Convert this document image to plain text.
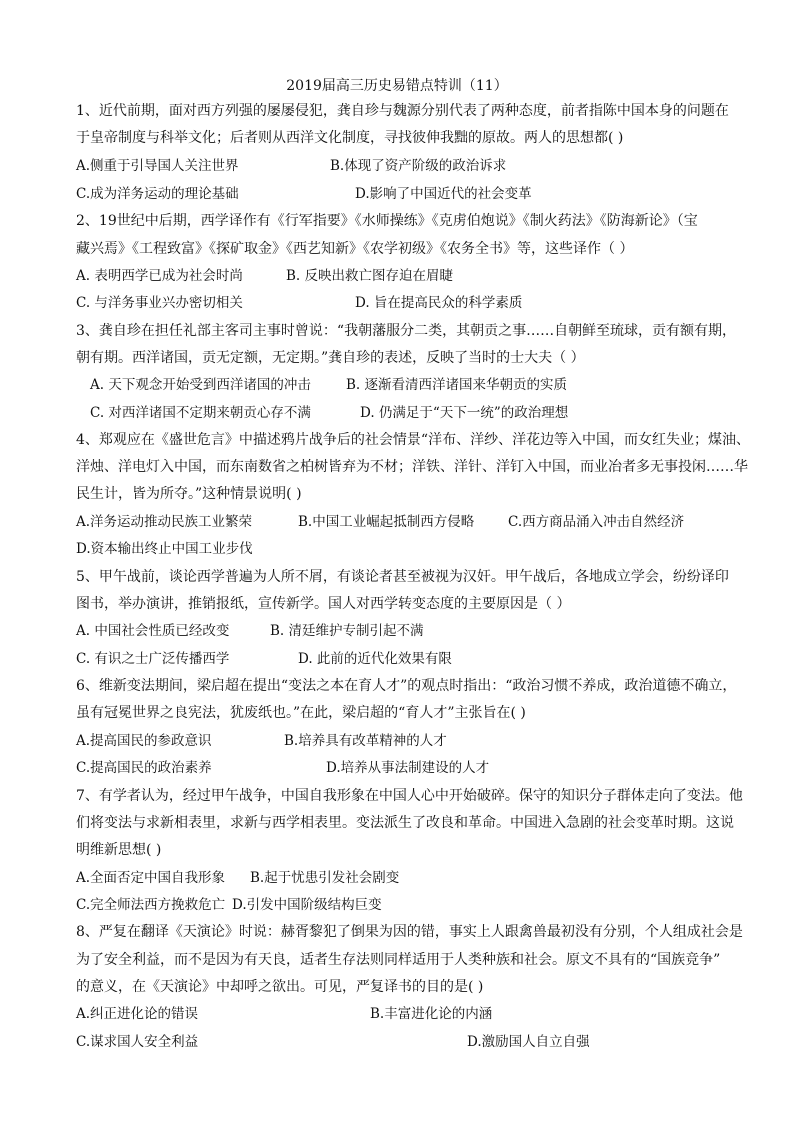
2019届高三历史易错点特训（11）
1、近代前期，面对西方列强的屡屡侵犯，龚自珍与魏源分别代表了两种态度，前者指陈中国本身的问题在
于皇帝制度与科举文化；后者则从西洋文化制度，寻找彼伸我黜的原故。两人的思想都( )
A.侧重于引导国人关注世界	B.体现了资产阶级的政治诉求
C.成为洋务运动的理论基础	D.影响了中国近代的社会变革
2、19世纪中后期，西学译作有《行军指要》《水师操练》《克虏伯炮说》《制火药法》《防海新论》（宝
藏兴焉》《工程致富》《探矿取金》《西艺知新》《农学初级》《农务全书》等，这些译作（ ）
A. 表明西学已成为社会时尚	B. 反映出救亡图存迫在眉睫
C. 与洋务事业兴办密切相关	D. 旨在提高民众的科学素质
3、龚自珍在担任礼部主客司主事时曾说：“我朝藩服分二类，其朝贡之事……自朝鲜至琉球，贡有额有期，
朝有期。西洋诸国，贡无定额，无定期。”龚自珍的表述，反映了当时的士大夫（ ）
A. 天下观念开始受到西洋诸国的冲击	B. 逐渐看清西洋诸国来华朝贡的实质
C. 对西洋诸国不定期来朝贡心存不满	D. 仍满足于“天下一统”的政治理想
4、郑观应在《盛世危言》中描述鸦片战争后的社会情景“洋布、洋纱、洋花边等入中国，而女红失业；煤油、
洋烛、洋电灯入中国，而东南数省之柏树皆弃为不材；洋铁、洋针、洋钉入中国，而业冶者多无事投闲……华
民生计，皆为所夺。”这种情景说明( )
A.洋务运动推动民族工业繁荣	B.中国工业崛起抵制西方侵略	C.西方商品涌入冲击自然经济
D.资本输出终止中国工业步伐
5、甲午战前，谈论西学普遍为人所不屑，有谈论者甚至被视为汉奸。甲午战后，各地成立学会，纷纷译印
图书，举办演讲，推销报纸，宣传新学。国人对西学转变态度的主要原因是（ ）
A. 中国社会性质已经改变	B. 清廷维护专制引起不满
C. 有识之士广泛传播西学	D. 此前的近代化效果有限
6、维新变法期间，梁启超在提出“变法之本在育人才”的观点时指出：“政治习惯不养成，政治道德不确立，
虽有冠冕世界之良宪法，犹废纸也。”在此，梁启超的“育人才”主张旨在( )
A.提高国民的参政意识	B.培养具有改革精神的人才
C.提高国民的政治素养	D.培养从事法制建设的人才
7、有学者认为，经过甲午战争，中国自我形象在中国人心中开始破碎。保守的知识分子群体走向了变法。他
们将变法与求新相表里，求新与西学相表里。变法派生了改良和革命。中国进入急剧的社会变革时期。这说
明维新思想( )
A.全面否定中国自我形象 B.起于忧患引发社会剧变
C.完全师法西方挽救危亡 D.引发中国阶级结构巨变
8、严复在翻译《天演论》时说：赫胥黎犯了倒果为因的错，事实上人跟禽兽最初没有分别，个人组成社会是
为了安全利益，而不是因为有天良，适者生存法则同样适用于人类种族和社会。原文不具有的“国族竞争”
的意义，在《天演论》中却呼之欲出。可见，严复译书的目的是( )
A.纠正进化论的错误	B.丰富进化论的内涵
C.谋求国人安全利益	D.激励国人自立自强
